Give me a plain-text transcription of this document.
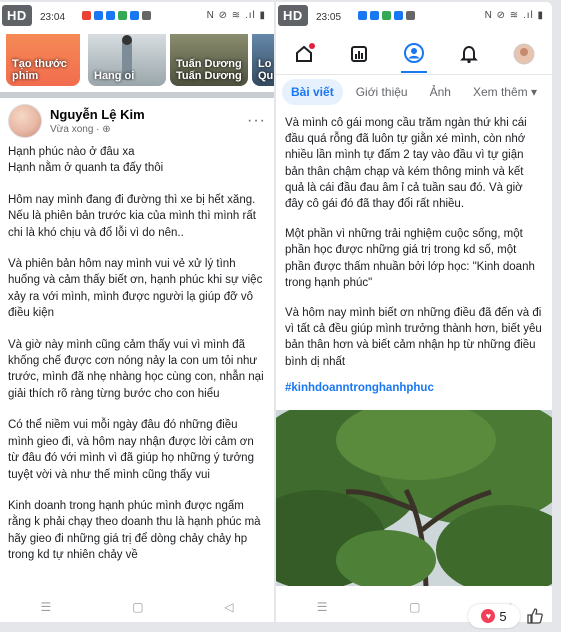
HD	23:04	N ⊘ ≋ .ıl ▮
Tạo thước phim	Hang oi
Tuấn Dương Tuấn Dương
Lo Qu
Nguyễn Lệ Kim
Vừa xong · ⊕
···

Hạnh phúc nào ở đâu xa
Hạnh nằm ở quanh ta đấy thôi

Hôm nay mình đang đi đường thì xe bị hết xăng. Nếu là phiên bản trước kia của mình thì mình rất chi là khó chịu và đổ lỗi vì do nên..

Và phiên bản hôm nay mình vui vẻ xử lý tình huống và cảm thấy biết ơn, hạnh phúc khi sự việc xảy ra với mình, mình được người lạ giúp đỡ vô điều kiện

Và giờ này mình cũng cảm thấy vui vì mình đã khống chế được cơn nóng nảy la con um tỏi như trước, mình đã nhẹ nhàng học cùng con, nhẫn nại giải thích rõ ràng từng bước cho con hiểu

Có thể niềm vui mỗi ngày đâu đó những điều mình gieo đi, và hôm nay nhận được lời cảm ơn từ đâu đó với mình vì đã giúp họ những ý tưởng tuyệt vời và như thế mình cũng thấy vui

Kinh doanh trong hạnh phúc mình được ngấm rằng k phải chạy theo doanh thu là hạnh phúc mà hãy gieo đi những giá trị để dòng chảy chảy hp trong kd tự nhiên chảy về

☰	▢	◁
HD	23:05	N ⊘ ≋ .ıl ▮
Bài viết	Giới thiệu	Ảnh	Xem thêm ▾

Và mình cô gái mong cầu trăm ngàn thứ khi cái đầu quá rỗng đã luôn tự giằn xé mình, còn nhớ nhiều lần mình tự đấm 2 tay vào đầu vì tự giận bản thân chậm chạp và kém thông minh và kết quả là cái đầu đau âm ỉ cả tuần sau đó. Và giờ đây cô gái đó đã thay đổi rất nhiều.

Một phần vì những trải nghiệm cuộc sống, một phần học được những giá trị trong kd số, một phần được thấm nhuần bởi lớp học: "Kinh doanh trong hạnh phúc"

Và hôm nay mình biết ơn những điều đã đến và đi vì tất cả đều giúp mình trưởng thành hơn, biết yêu bản thân hơn và biết cảm nhận hp từ những điều bình dị nhất

#kinhdoanntronghanhphuc
☰	▢
♥ 5
